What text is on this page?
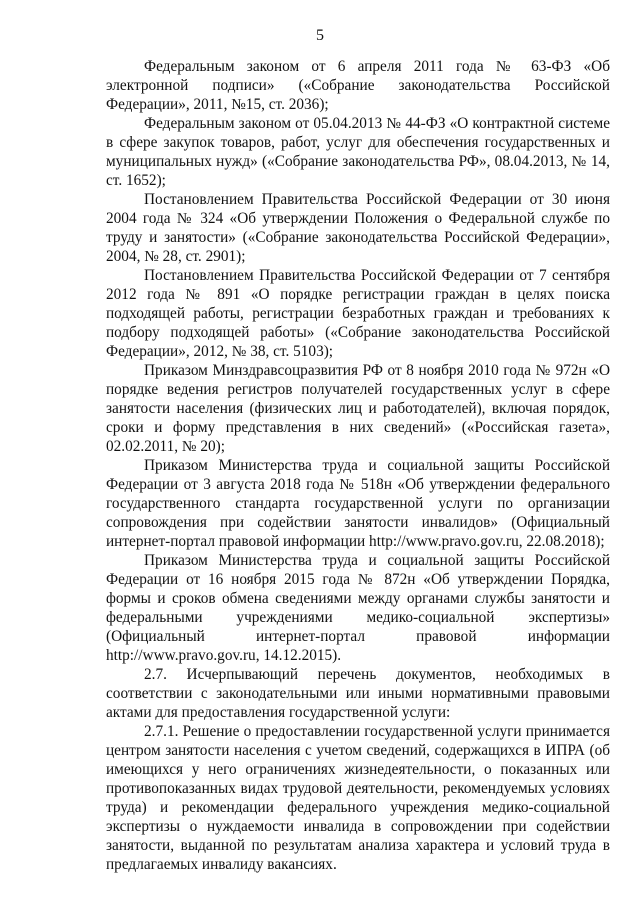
5

Федеральным законом от 6 апреля 2011 года № 63-ФЗ «Об электронной подписи» («Собрание законодательства Российской Федерации», 2011, №15, ст. 2036);

Федеральным законом от 05.04.2013 № 44-ФЗ «О контрактной системе в сфере закупок товаров, работ, услуг для обеспечения государственных и муниципальных нужд» («Собрание законодательства РФ», 08.04.2013, № 14, ст. 1652);

Постановлением Правительства Российской Федерации от 30 июня 2004 года № 324 «Об утверждении Положения о Федеральной службе по труду и занятости» («Собрание законодательства Российской Федерации», 2004, № 28, ст. 2901);

Постановлением Правительства Российской Федерации от 7 сентября 2012 года № 891 «О порядке регистрации граждан в целях поиска подходящей работы, регистрации безработных граждан и требованиях к подбору подходящей работы» («Собрание законодательства Российской Федерации», 2012, № 38, ст. 5103);

Приказом Минздравсоцразвития РФ от 8 ноября 2010 года № 972н «О порядке ведения регистров получателей государственных услуг в сфере занятости населения (физических лиц и работодателей), включая порядок, сроки и форму представления в них сведений» («Российская газета», 02.02.2011, № 20);

Приказом Министерства труда и социальной защиты Российской Федерации от 3 августа 2018 года № 518н «Об утверждении федерального государственного стандарта государственной услуги по организации сопровождения при содействии занятости инвалидов» (Официальный интернет-портал правовой информации http://www.pravo.gov.ru, 22.08.2018);

Приказом Министерства труда и социальной защиты Российской Федерации от 16 ноября 2015 года № 872н «Об утверждении Порядка, формы и сроков обмена сведениями между органами службы занятости и федеральными учреждениями медико-социальной экспертизы» (Официальный интернет-портал правовой информации http://www.pravo.gov.ru, 14.12.2015).

2.7. Исчерпывающий перечень документов, необходимых в соответствии с законодательными или иными нормативными правовыми актами для предоставления государственной услуги:

2.7.1. Решение о предоставлении государственной услуги принимается центром занятости населения с учетом сведений, содержащихся в ИПРА (об имеющихся у него ограничениях жизнедеятельности, о показанных или противопоказанных видах трудовой деятельности, рекомендуемых условиях труда) и рекомендации федерального учреждения медико-социальной экспертизы о нуждаемости инвалида в сопровождении при содействии занятости, выданной по результатам анализа характера и условий труда в предлагаемых инвалиду вакансиях.
